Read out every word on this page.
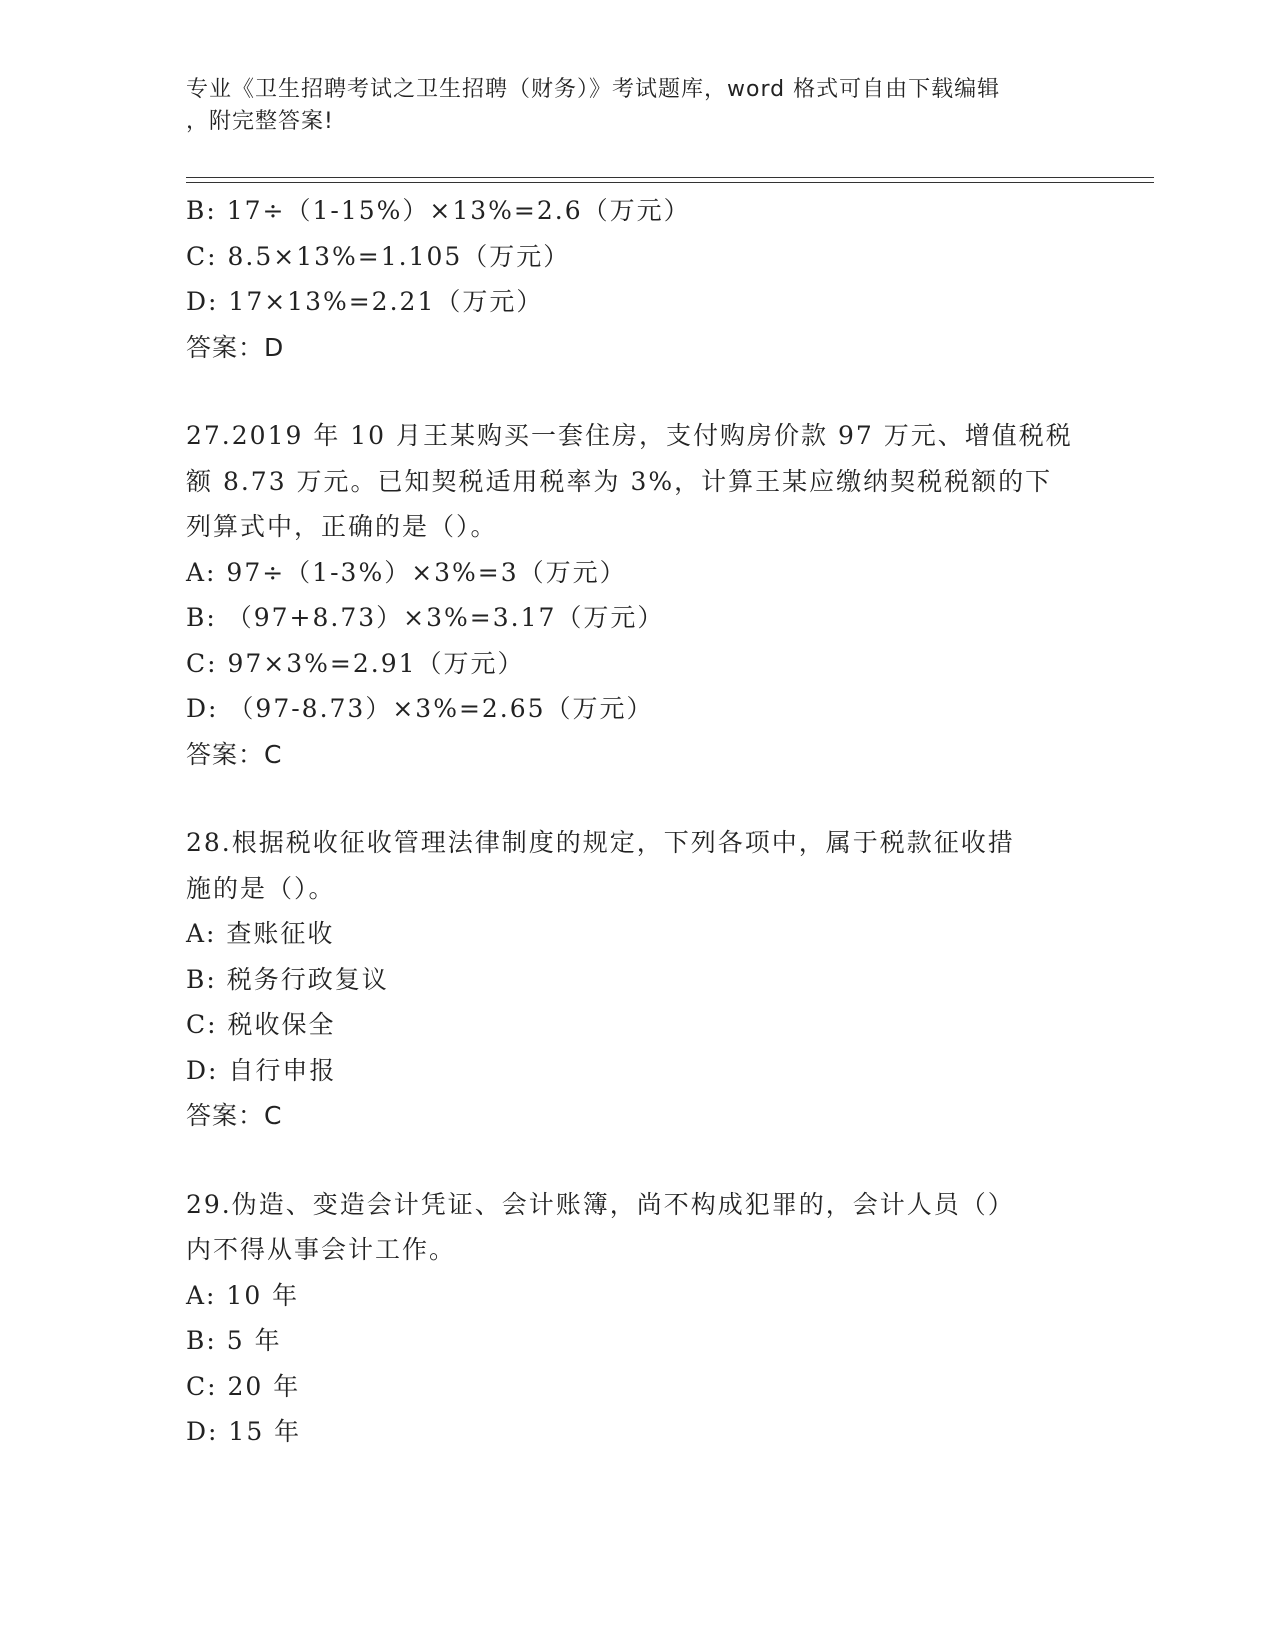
专业《卫生招聘考试之卫生招聘（财务）》考试题库，word 格式可自由下载编辑
，附完整答案!
B: 17÷（1-15%）×13%=2.6（万元）
C: 8.5×13%=1.105（万元）
D: 17×13%=2.21（万元）
答案：D
27.2019 年 10 月王某购买一套住房，支付购房价款 97 万元、增值税税
额 8.73 万元。已知契税适用税率为 3%，计算王某应缴纳契税税额的下
列算式中，正确的是（）。
A: 97÷（1-3%）×3%=3（万元）
B: （97+8.73）×3%=3.17（万元）
C: 97×3%=2.91（万元）
D: （97-8.73）×3%=2.65（万元）
答案：C
28.根据税收征收管理法律制度的规定，下列各项中，属于税款征收措
施的是（）。
A: 查账征收
B: 税务行政复议
C: 税收保全
D: 自行申报
答案：C
29.伪造、变造会计凭证、会计账簿，尚不构成犯罪的，会计人员（）
内不得从事会计工作。
A: 10 年
B: 5 年
C: 20 年
D: 15 年
